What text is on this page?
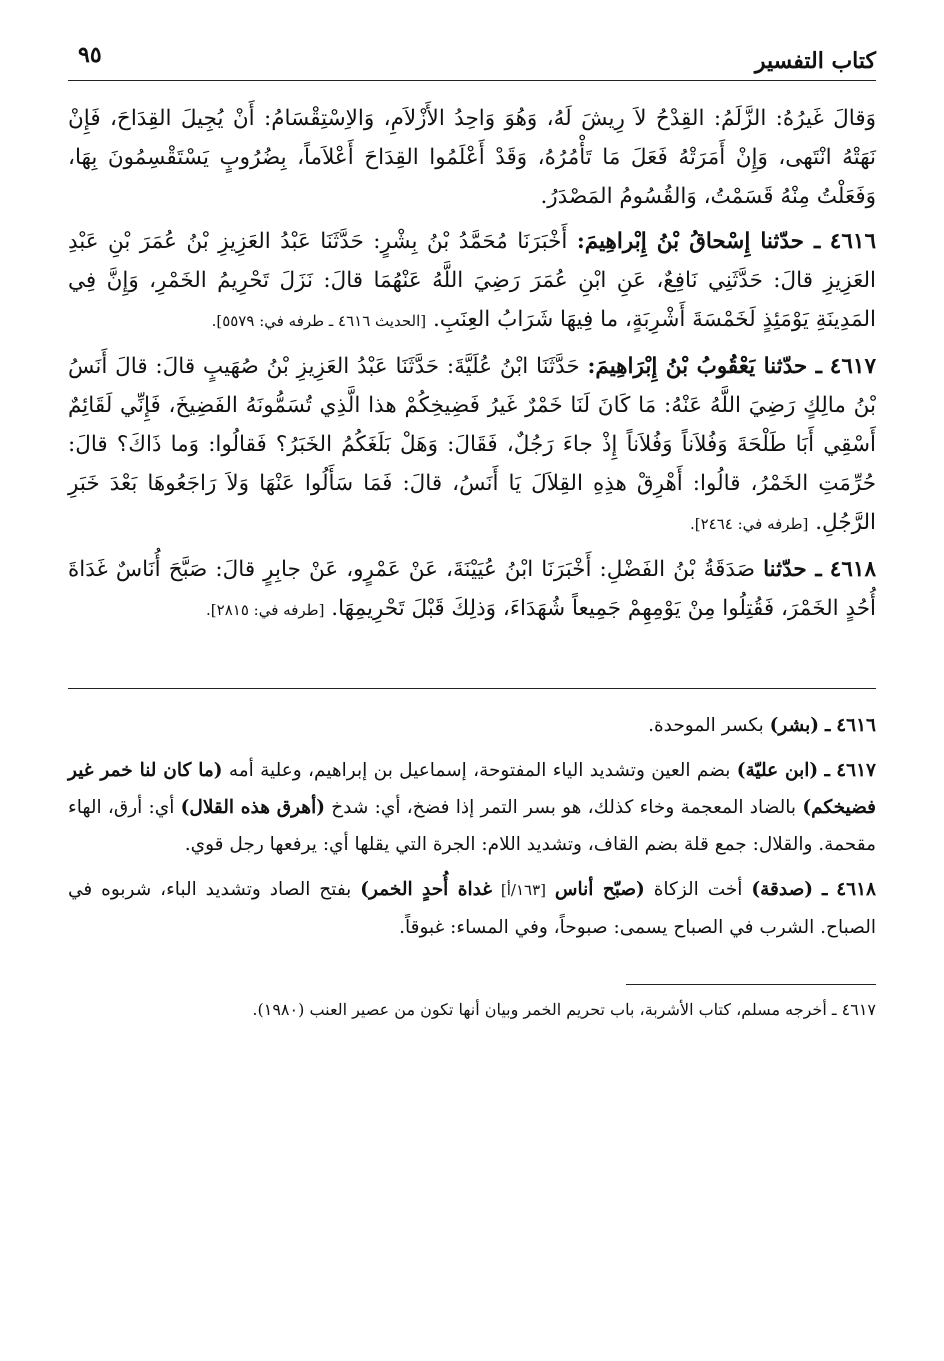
كتاب التفسير
٩٥

وَقالَ غَيرُهُ: الزَّلَمُ: القِدْحُ لاَ رِيشَ لَهُ، وَهُوَ وَاحِدُ الأَزْلاَمِ، وَالاِسْتِقْسَامُ: أَنْ يُجِيلَ القِدَاحَ، فَإِنْ نَهَتْهُ انْتَهى، وَإِنْ أَمَرَتْهُ فَعَلَ مَا تَأْمُرُهُ، وَقَدْ أَعْلَمُوا القِدَاحَ أَعْلاَماً، بِضُرُوبٍ يَسْتَقْسِمُونَ بِهَا، وَفَعَلْتُ مِنْهُ قَسَمْتُ، وَالقُسُومُ المَصْدَرُ.

٤٦١٦ ـ حدّثنا إِسْحاقُ بْنُ إِبْراهِيمَ: أَخْبَرَنَا مُحَمَّدُ بْنُ بِشْرٍ: حَدَّثَنَا عَبْدُ العَزِيزِ بْنُ عُمَرَ بْنِ عَبْدِ العَزِيزِ قالَ: حَدَّثَنِي نَافِعٌ، عَنِ ابْنِ عُمَرَ رَضِيَ اللَّهُ عَنْهُمَا قالَ: نَزَلَ تَحْرِيمُ الخَمْرِ، وَإِنَّ فِي المَدِينَةِ يَوْمَئِذٍ لَخَمْسَةَ أَشْرِبَةٍ، ما فِيهَا شَرَابُ العِنَبِ. [الحديث ٤٦١٦ ـ طرفه في: ٥٥٧٩].

٤٦١٧ ـ حدّثنا يَعْقُوبُ بْنُ إِبْرَاهِيمَ: حَدَّثَنَا ابْنُ عُلَيَّةَ: حَدَّثَنَا عَبْدُ العَزِيزِ بْنُ صُهَيبٍ قالَ: قالَ أَنَسُ بْنُ مالِكٍ رَضِيَ اللَّهُ عَنْهُ: مَا كَانَ لَنَا خَمْرٌ غَيرُ فَضِيخِكُمْ هذا الَّذِي تُسَمُّونَهُ الفَضِيخَ، فَإِنِّي لَقَائِمٌ أَسْقِي أَبَا طَلْحَةَ وَفُلاَناً وَفُلاَناً إِذْ جاءَ رَجُلٌ، فَقَالَ: وَهَلْ بَلَغَكُمُ الخَبَرُ؟ فَقالُوا: وَما ذَاكَ؟ قالَ: حُرِّمَتِ الخَمْرُ، قالُوا: أَهْرِقْ هذِهِ القِلاَلَ يَا أَنَسُ، قالَ: فَمَا سَأَلُوا عَنْهَا وَلاَ رَاجَعُوهَا بَعْدَ خَبَرِ الرَّجُلِ. [طرفه في: ٢٤٦٤].

٤٦١٨ ـ حدّثنا صَدَقَةُ بْنُ الفَضْلِ: أَخْبَرَنَا ابْنُ عُيَيْنَةَ، عَنْ عَمْرٍو، عَنْ جابِرٍ قالَ: صَبَّحَ أُنَاسٌ غَدَاةَ أُحُدٍ الخَمْرَ، فَقُتِلُوا مِنْ يَوْمِهِمْ جَمِيعاً شُهَدَاءَ، وَذلِكَ قَبْلَ تَحْرِيمِهَا. [طرفه في: ٢٨١٥].

٤٦١٦ ـ (بشر) بكسر الموحدة.

٤٦١٧ ـ (ابن عليّة) بضم العين وتشديد الياء المفتوحة، إسماعيل بن إبراهيم، وعلية أمه (ما كان لنا خمر غير فضيخكم) بالضاد المعجمة وخاء كذلك، هو بسر التمر إذا فضخ، أي: شدخ (أهرق هذه القلال) أي: أرق، الهاء مقحمة. والقلال: جمع قلة بضم القاف، وتشديد اللام: الجرة التي يقلها أي: يرفعها رجل قوي.

٤٦١٨ ـ (صدقة) أخت الزكاة (صبّح أناس [١٦٣/أ] غداة أُحدٍ الخمر) بفتح الصاد وتشديد الباء، شربوه في الصباح. الشرب في الصباح يسمى: صبوحاً، وفي المساء: غبوقاً.

٤٦١٧ ـ أخرجه مسلم، كتاب الأشربة، باب تحريم الخمر وبيان أنها تكون من عصير العنب (١٩٨٠).
